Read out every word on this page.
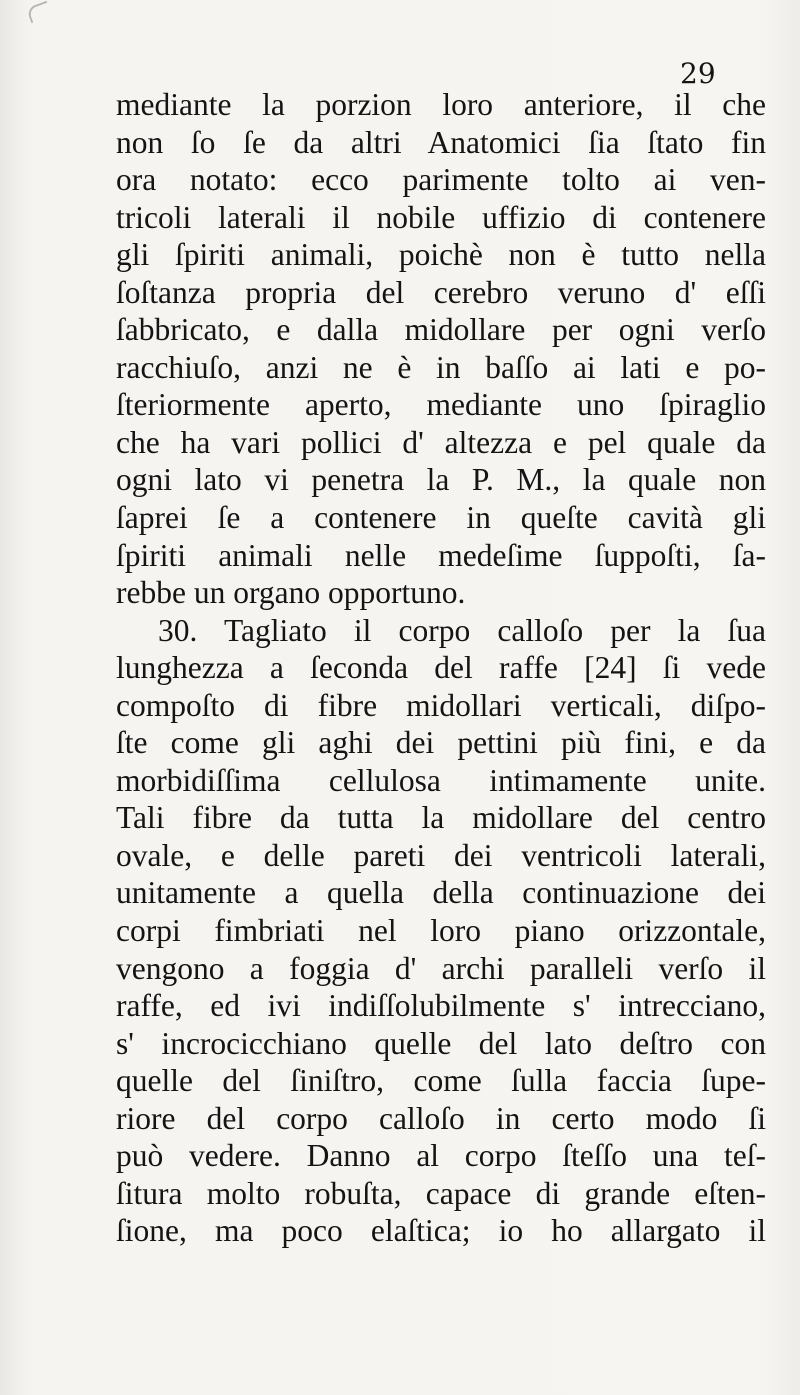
29

mediante la porzion loro anteriore, il che
non ſo ſe da altri Anatomici ſia ſtato fin
ora notato: ecco parimente tolto ai ven-
tricoli laterali il nobile uffizio di contenere
gli ſpiriti animali, poichè non è tutto nella
ſoſtanza propria del cerebro veruno d' eſſi
ſabbricato, e dalla midollare per ogni verſo
racchiuſo, anzi ne è in baſſo ai lati e po-
ſteriormente aperto, mediante uno ſpiraglio
che ha vari pollici d' altezza e pel quale da
ogni lato vi penetra la P. M., la quale non
ſaprei ſe a contenere in queſte cavità gli
ſpiriti animali nelle medeſime ſuppoſti, ſa-
rebbe un organo opportuno.
30. Tagliato il corpo calloſo per la ſua
lunghezza a ſeconda del raffe [24] ſi vede
compoſto di fibre midollari verticali, diſpo-
ſte come gli aghi dei pettini più fini, e da
morbidiſſima cellulosa intimamente unite.
Tali fibre da tutta la midollare del centro
ovale, e delle pareti dei ventricoli laterali,
unitamente a quella della continuazione dei
corpi fimbriati nel loro piano orizzontale,
vengono a foggia d' archi paralleli verſo il
raffe, ed ivi indiſſolubilmente s' intrecciano,
s' incrocicchiano quelle del lato deſtro con
quelle del ſiniſtro, come ſulla faccia ſupe-
riore del corpo calloſo in certo modo ſi
può vedere. Danno al corpo ſteſſo una teſ-
ſitura molto robuſta, capace di grande eſten-
ſione, ma poco elaſtica; io ho allargato il
